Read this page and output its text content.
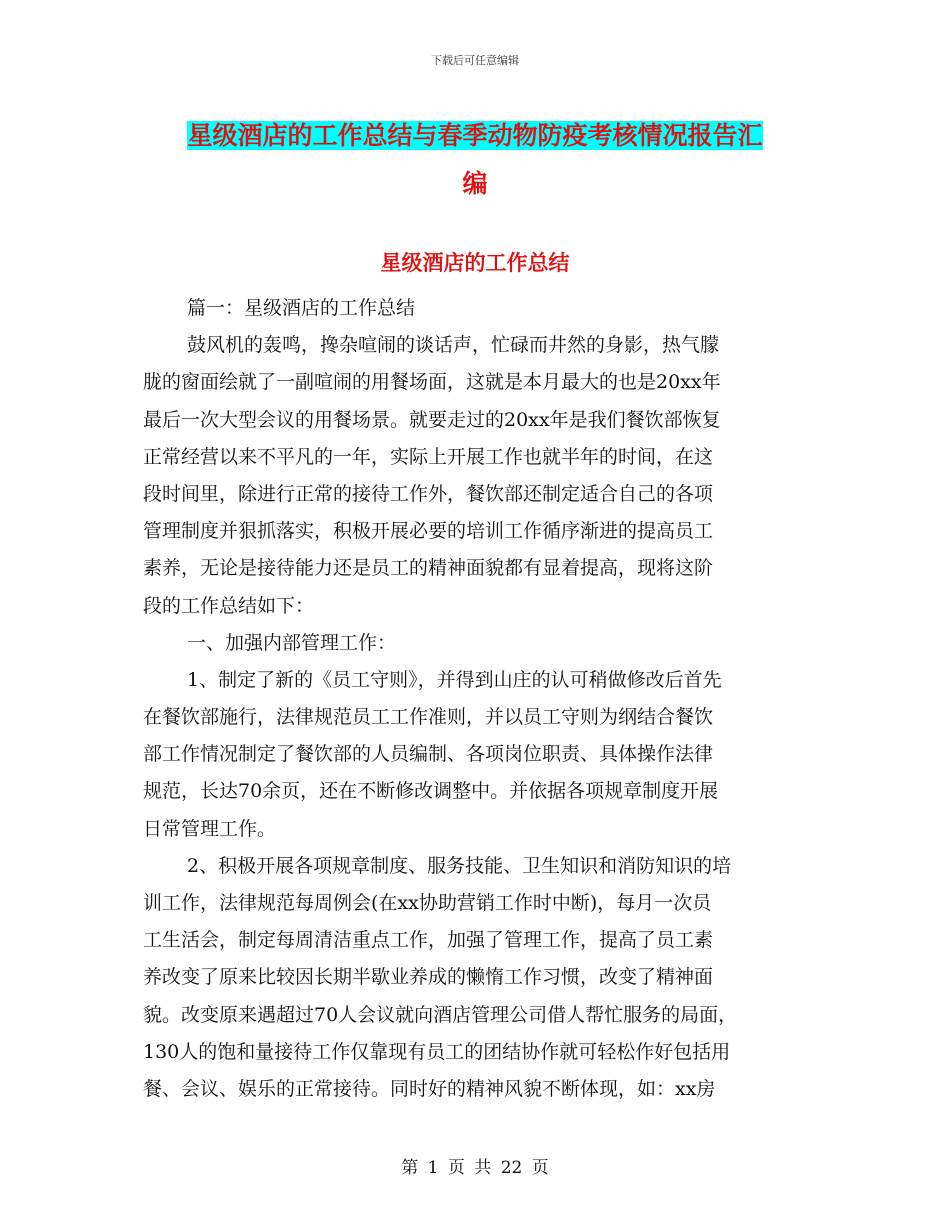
下载后可任意编辑
星级酒店的工作总结与春季动物防疫考核情况报告汇
编
星级酒店的工作总结
篇一：星级酒店的工作总结
鼓风机的轰鸣，搀杂喧闹的谈话声，忙碌而井然的身影，热气朦
胧的窗面绘就了一副喧闹的用餐场面，这就是本月最大的也是20xx年
最后一次大型会议的用餐场景。就要走过的20xx年是我们餐饮部恢复
正常经营以来不平凡的一年，实际上开展工作也就半年的时间，在这
段时间里，除进行正常的接待工作外，餐饮部还制定适合自己的各项
管理制度并狠抓落实，积极开展必要的培训工作循序渐进的提高员工
素养，无论是接待能力还是员工的精神面貌都有显着提高，现将这阶
段的工作总结如下：
一、加强内部管理工作：
1、制定了新的《员工守则》，并得到山庄的认可稍做修改后首先
在餐饮部施行，法律规范员工工作准则，并以员工守则为纲结合餐饮
部工作情况制定了餐饮部的人员编制、各项岗位职责、具体操作法律
规范，长达70余页，还在不断修改调整中。并依据各项规章制度开展
日常管理工作。
2、积极开展各项规章制度、服务技能、卫生知识和消防知识的培
训工作，法律规范每周例会(在xx协助营销工作时中断)，每月一次员
工生活会，制定每周清洁重点工作，加强了管理工作，提高了员工素
养改变了原来比较因长期半歇业养成的懒惰工作习惯，改变了精神面
貌。改变原来遇超过70人会议就向酒店管理公司借人帮忙服务的局面，
130人的饱和量接待工作仅靠现有员工的团结协作就可轻松作好包括用
餐、会议、娱乐的正常接待。同时好的精神风貌不断体现，如：xx房
第 1 页 共 22 页
